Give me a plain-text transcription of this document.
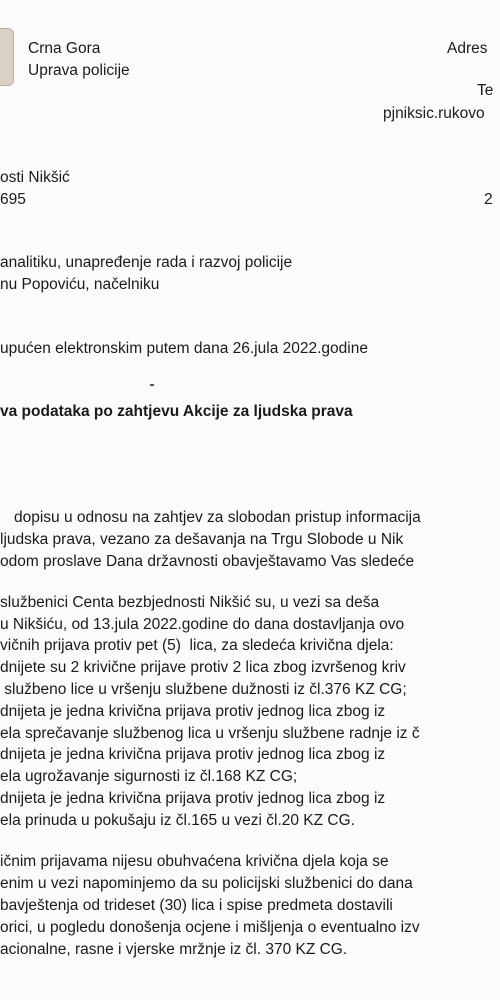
Crna Gora
Uprava policije
Adres
Te
pjniksic.rukovo
osti Nikšić
695	2
analitiku, unapređenje rada i razvoj policije
nu Popoviću, načelniku
upućen elektronskim putem dana 26.jula 2022.godine
va podataka po zahtjevu Akcije za ljudska prava
dopisu u odnosu na zahtjev za slobodan pristup informacija
ljudska prava, vezano za dešavanja na Trgu Slobode u Nik
odom proslave Dana državnosti obavještavamo Vas sledeće
službenici Centa bezbjednosti Nikšić su, u vezi sa deša
u Nikšiću, od 13.jula 2022.godine do dana dostavljanja ovo
vičnih prijava protiv pet (5)  lica, za sledeća krivična djela:
dnijete su 2 krivične prijave protiv 2 lica zbog izvršenog kriv
službeno lice u vršenju službene dužnosti iz čl.376 KZ CG;
dnijeta je jedna krivična prijava protiv jednog lica zbog iz
ela sprečavanje službenog lica u vršenju službene radnje iz č
dnijeta je jedna krivična prijava protiv jednog lica zbog iz
ela ugrožavanje sigurnosti iz čl.168 KZ CG;
dnijeta je jedna krivična prijava protiv jednog lica zbog iz
ela prinuda u pokušaju iz čl.165 u vezi čl.20 KZ CG.
ičnim prijavama nijesu obuhvaćena krivična djela koja se
enim u vezi napominjemo da su policijski službenici do dana
bavještenja od trideset (30) lica i spise predmeta dostavili
orici, u pogledu donošenja ocjene i mišljenja o eventualno izv
acionalne, rasne i vjerske mržnje iz čl. 370 KZ CG.
